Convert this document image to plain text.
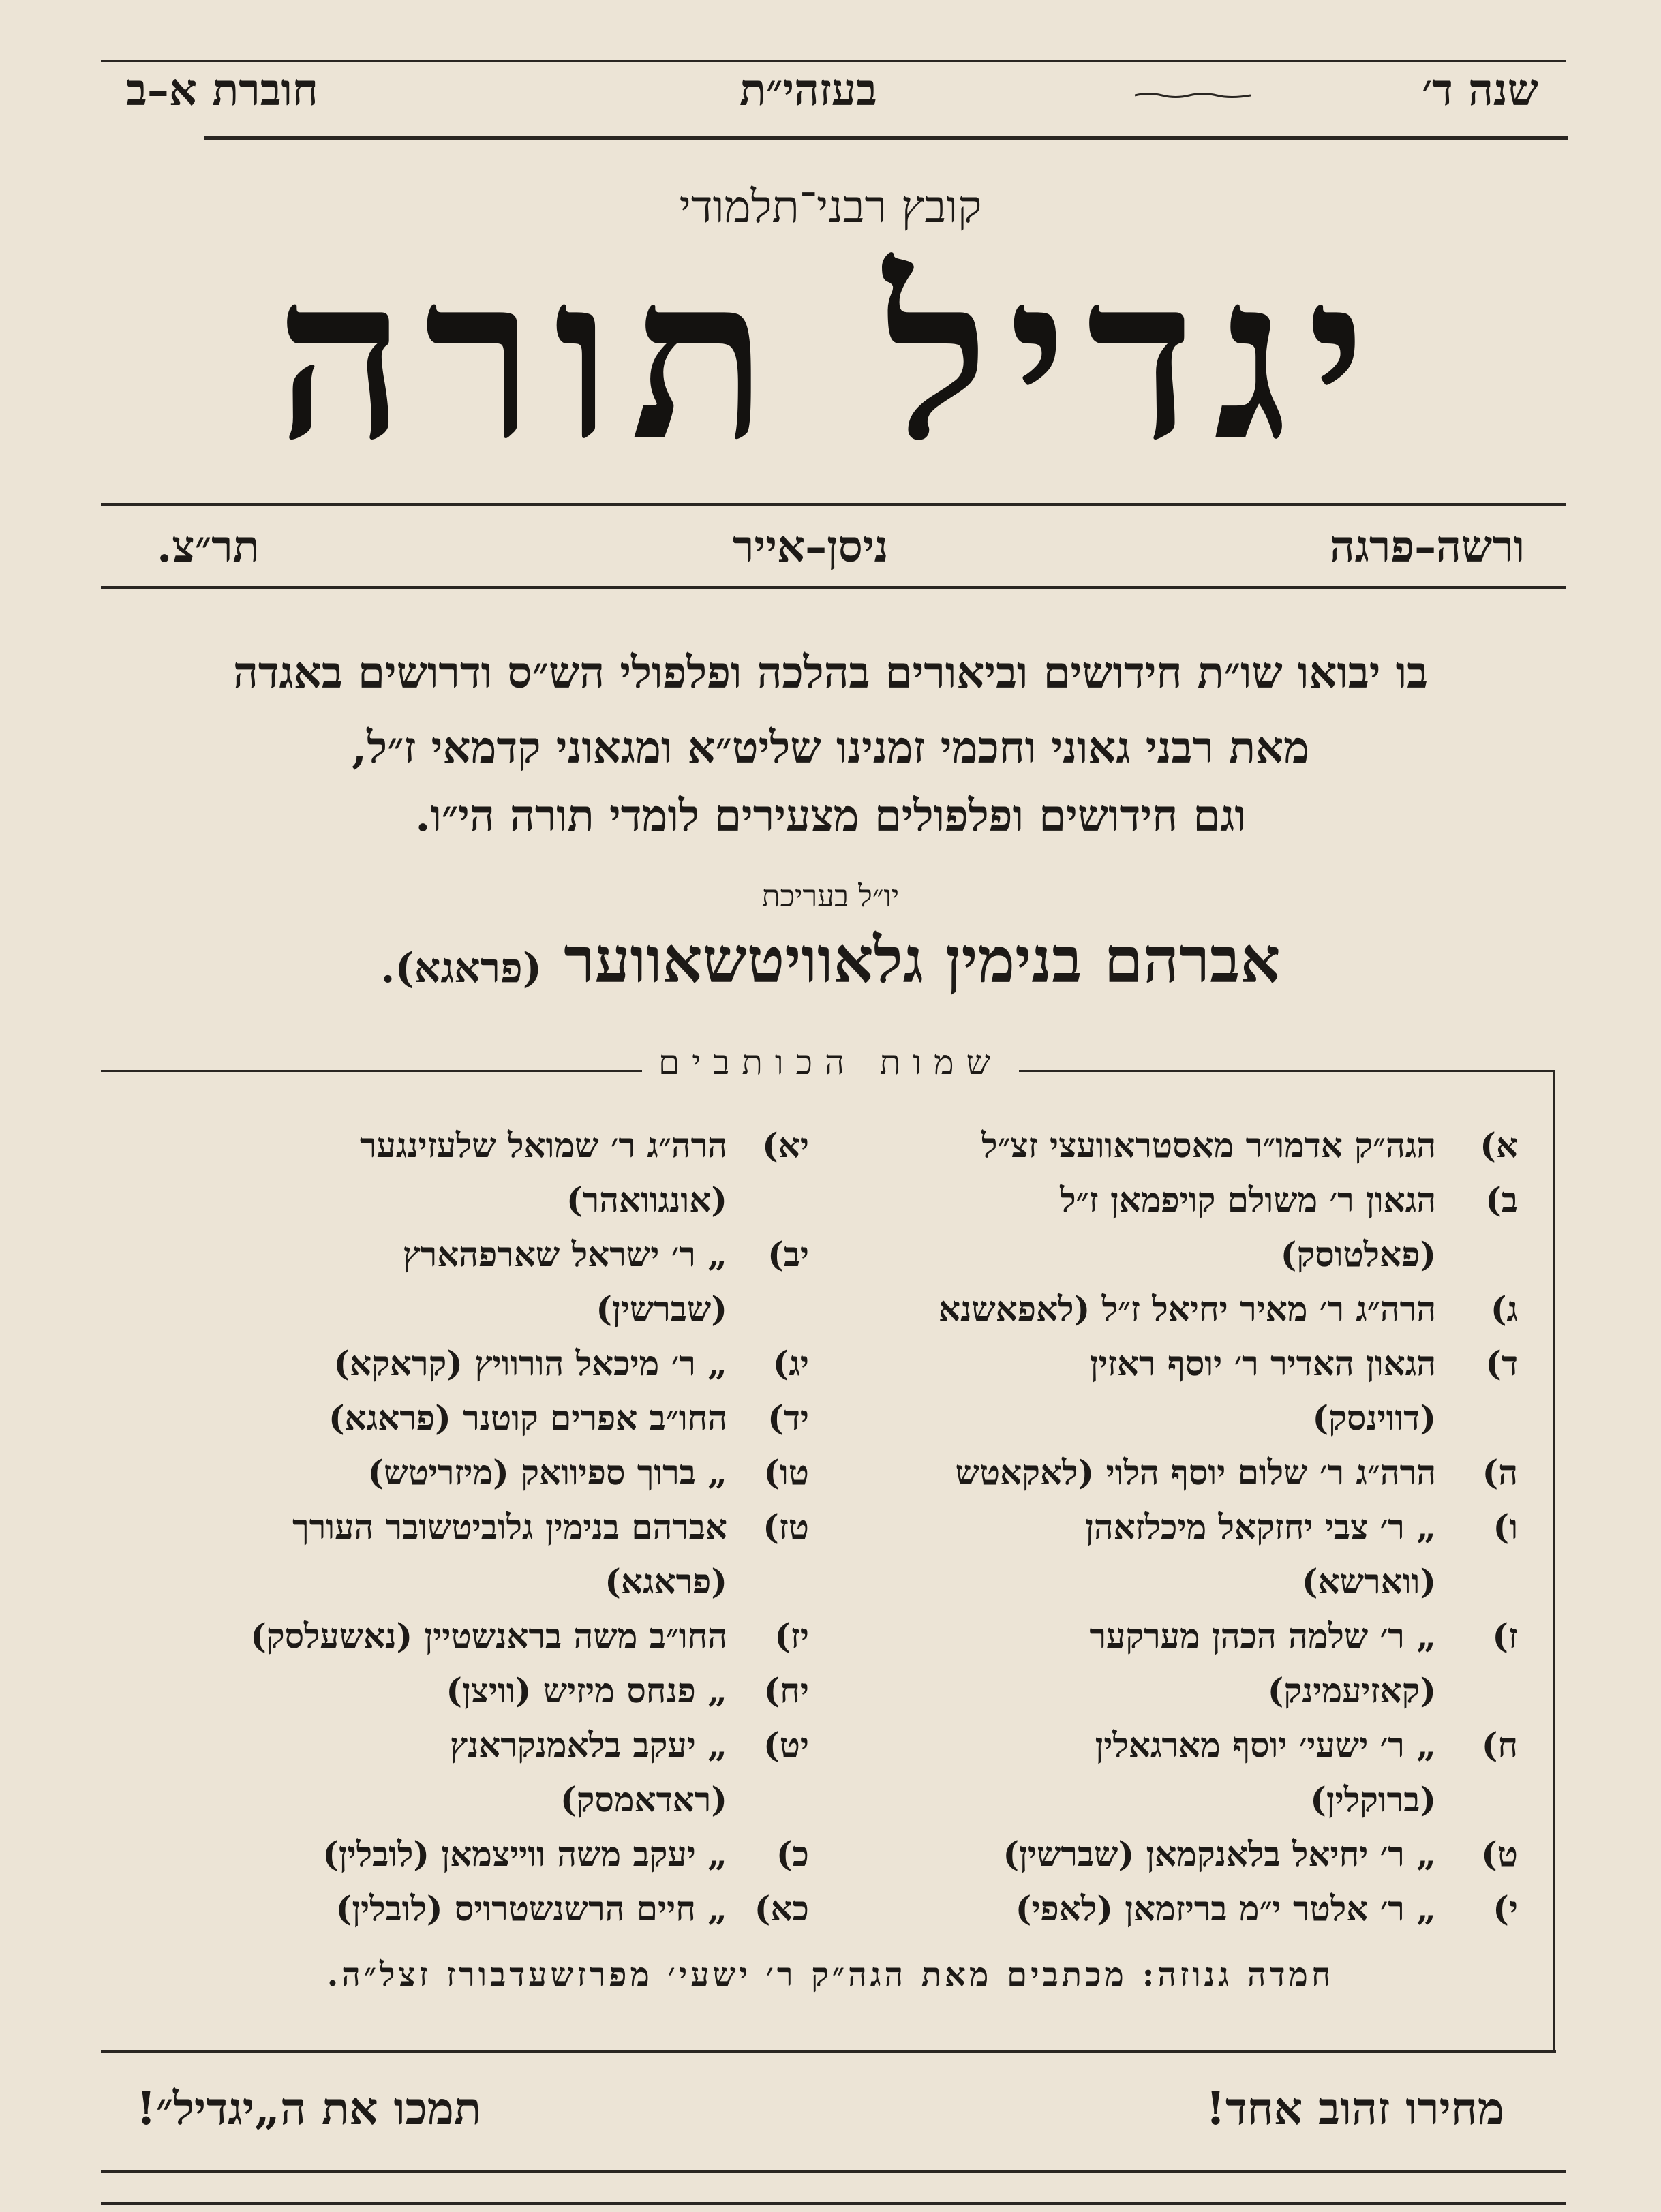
שנה ד׳
בעזהי״ת
חוברת א–ב
קובץ רבני־תלמודי
יגדיל תורה
ורשה–פרגה
ניסן–אייר
תר״צ.
בו יבואו שו״ת חידושים וביאורים בהלכה ופלפולי הש״ס ודרושים באגדה
מאת רבני גאוני וחכמי זמנינו שליט״א ומגאוני קדמאי ז״ל,
וגם חידושים ופלפולים מצעירים לומדי תורה הי״ו.
יו״ל בעריכת
אברהם בנימין גלאוויטשאווער (פראגא).
שמות הכותבים
א)
הגה״ק אדמו״ר מאסטראוועצי זצ״ל
ב)
הגאון ר׳ משולם קויפמאן ז״ל
(פאלטוסק)
ג)
הרה״ג ר׳ מאיר יחיאל ז״ל (לאפאשנא
ד)
הגאון האדיר ר׳ יוסף ראזין
(דווינסק)
ה)
הרה״ג ר׳ שלום יוסף הלוי (לאקאטש
ו)
„ ר׳ צבי יחזקאל מיכלזאהן
(ווארשא)
ז)
„ ר׳ שלמה הכהן מערקער
(קאזיעמינק)
ח)
„ ר׳ ישעי׳ יוסף מארגאלין
(ברוקלין)
ט)
„ ר׳ יחיאל בלאנקמאן (שברשין)
י)
„ ר׳ אלטר י״מ בריזמאן (לאפי)
יא)
הרה״ג ר׳ שמואל שלעזינגער
(אונגוואהר)
יב)
„ ר׳ ישראל שארפהארץ
(שברשין)
יג)
„ ר׳ מיכאל הורוויץ (קראקא)
יד)
החו״ב אפרים קוטנר (פראגא)
טו)
„ ברוך ספיוואק (מיזריטש)
טז)
אברהם בנימין גלוביטשובר העורך
(פראגא)
יז)
החו״ב משה בראנשטיין (נאשעלסק)
יח)
„ פנחס מיזיש (וויצן)
יט)
„ יעקב בלאמנקראנץ
(ראדאמסק)
כ)
„ יעקב משה ווייצמאן (לובלין)
כא)
„ חיים הרשנשטרויס (לובלין)
חמדה גנוזה: מכתבים מאת הגה״ק ר׳ ישעי׳ מפרזשעדבורז זצל״ה.
מחירו זהוב אחד!
תמכו את ה„יגדיל״!
